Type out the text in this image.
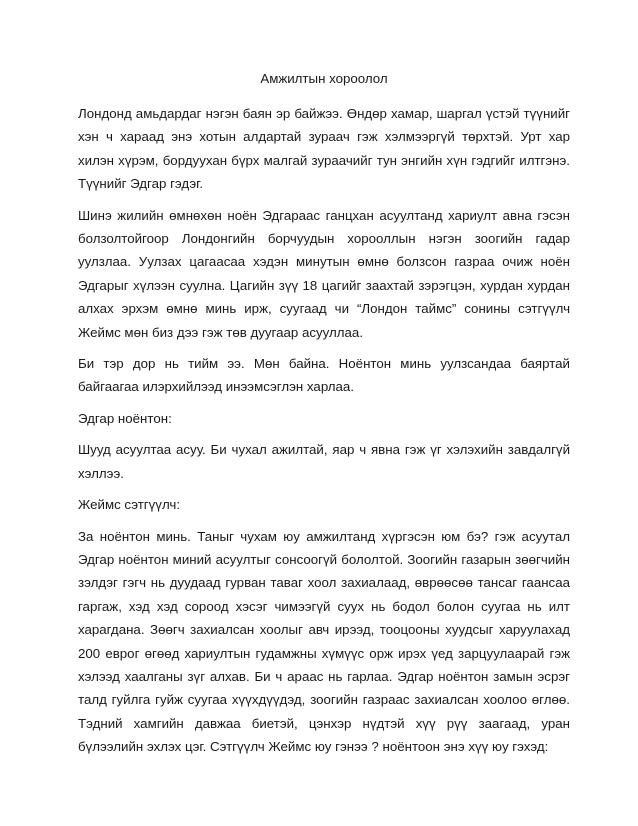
Амжилтын хороолол

Лондонд амьдардаг нэгэн баян эр байжээ. Өндөр хамар, шаргал үстэй түүнийг хэн ч хараад энэ хотын алдартай зураач гэж хэлмээргүй төрхтэй. Урт хар хилэн хүрэм, бордуухан бүрх малгай зураачийг тун энгийн хүн гэдгийг илтгэнэ. Түүнийг Эдгар гэдэг.

Шинэ жилийн өмнөхөн ноён Эдгараас ганцхан асуултанд хариулт авна гэсэн болзолтойгоор Лондонгийн борчуудын хорооллын нэгэн зоогийн гадар уулзлаа. Уулзах цагаасаа хэдэн минутын өмнө болзсон газраа очиж ноён Эдгарыг хүлээн суулна. Цагийн зүү 18 цагийг заахтай зэрэгцэн, хурдан хурдан алхах эрхэм өмнө минь ирж, суугаад чи “Лондон таймс” сонины сэтгүүлч Жеймс мөн биз дээ гэж төв дуугаар асууллаа.

Би тэр дор нь тийм ээ. Мөн байна. Ноёнтон минь уулзсандаа баяртай байгаагаа илэрхийлээд инээмсэглэн харлаа.

Эдгар ноёнтон:

Шууд асуултаа асуу. Би чухал ажилтай, яар ч явна гэж үг хэлэхийн завдалгүй хэллээ.

Жеймс сэтгүүлч:

За ноёнтон минь. Таныг чухам юу амжилтанд хүргэсэн юм бэ? гэж асуутал Эдгар ноёнтон миний асуултыг сонсоогүй бололтой. Зоогийн газарын зөөгчийн зэлдэг гэгч нь дуудаад гурван таваг хоол захиалаад, өврөөсөө тансаг гаансаа гаргаж, хэд хэд сороод хэсэг чимээгүй суух нь бодол болон суугаа нь илт харагдана. Зөөгч захиалсан хоолыг авч ирээд, тооцооны хуудсыг харуулахад 200 еврог өгөөд хариултын гудамжны хүмүүс орж ирэх үед зарцуулаарай гэж хэлээд хаалганы зүг алхав. Би ч араас нь гарлаа. Эдгар ноёнтон замын эсрэг талд гуйлга гуйж суугаа хүүхдүүдэд, зоогийн газраас захиалсан хоолоо өглөө. Тэдний хамгийн давжаа биетэй, цэнхэр нүдтэй хүү рүү заагаад, уран бүлээлийн эхлэх цэг. Сэтгүүлч Жеймс юу гэнээ ? ноёнтоон энэ хүү юу гэхэд:
